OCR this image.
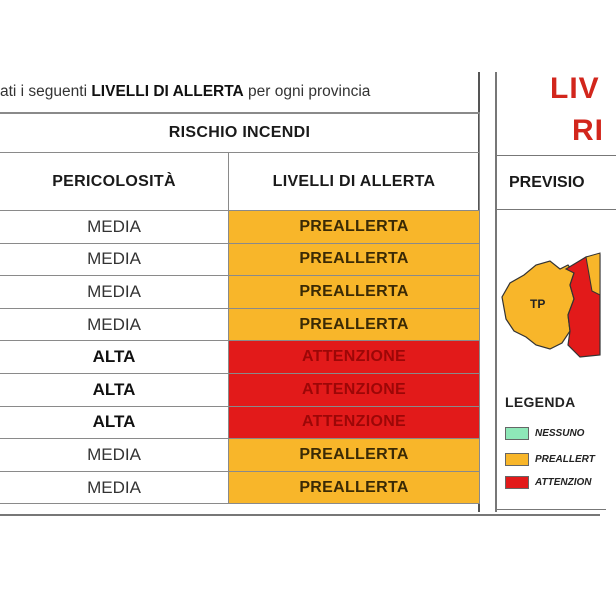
ati i seguenti LIVELLI DI ALLERTA per ogni provincia
RISCHIO INCENDI
PERICOLOSITÀ	LIVELLI DI ALLERTA
MEDIA	PREALLERTA
MEDIA	PREALLERTA
MEDIA	PREALLERTA
MEDIA	PREALLERTA
ALTA	ATTENZIONE
ALTA	ATTENZIONE
ALTA	ATTENZIONE
MEDIA	PREALLERTA
MEDIA	PREALLERTA
LIV
RI
PREVISIO
TP
LEGENDA
NESSUNO
PREALLERT
ATTENZION
